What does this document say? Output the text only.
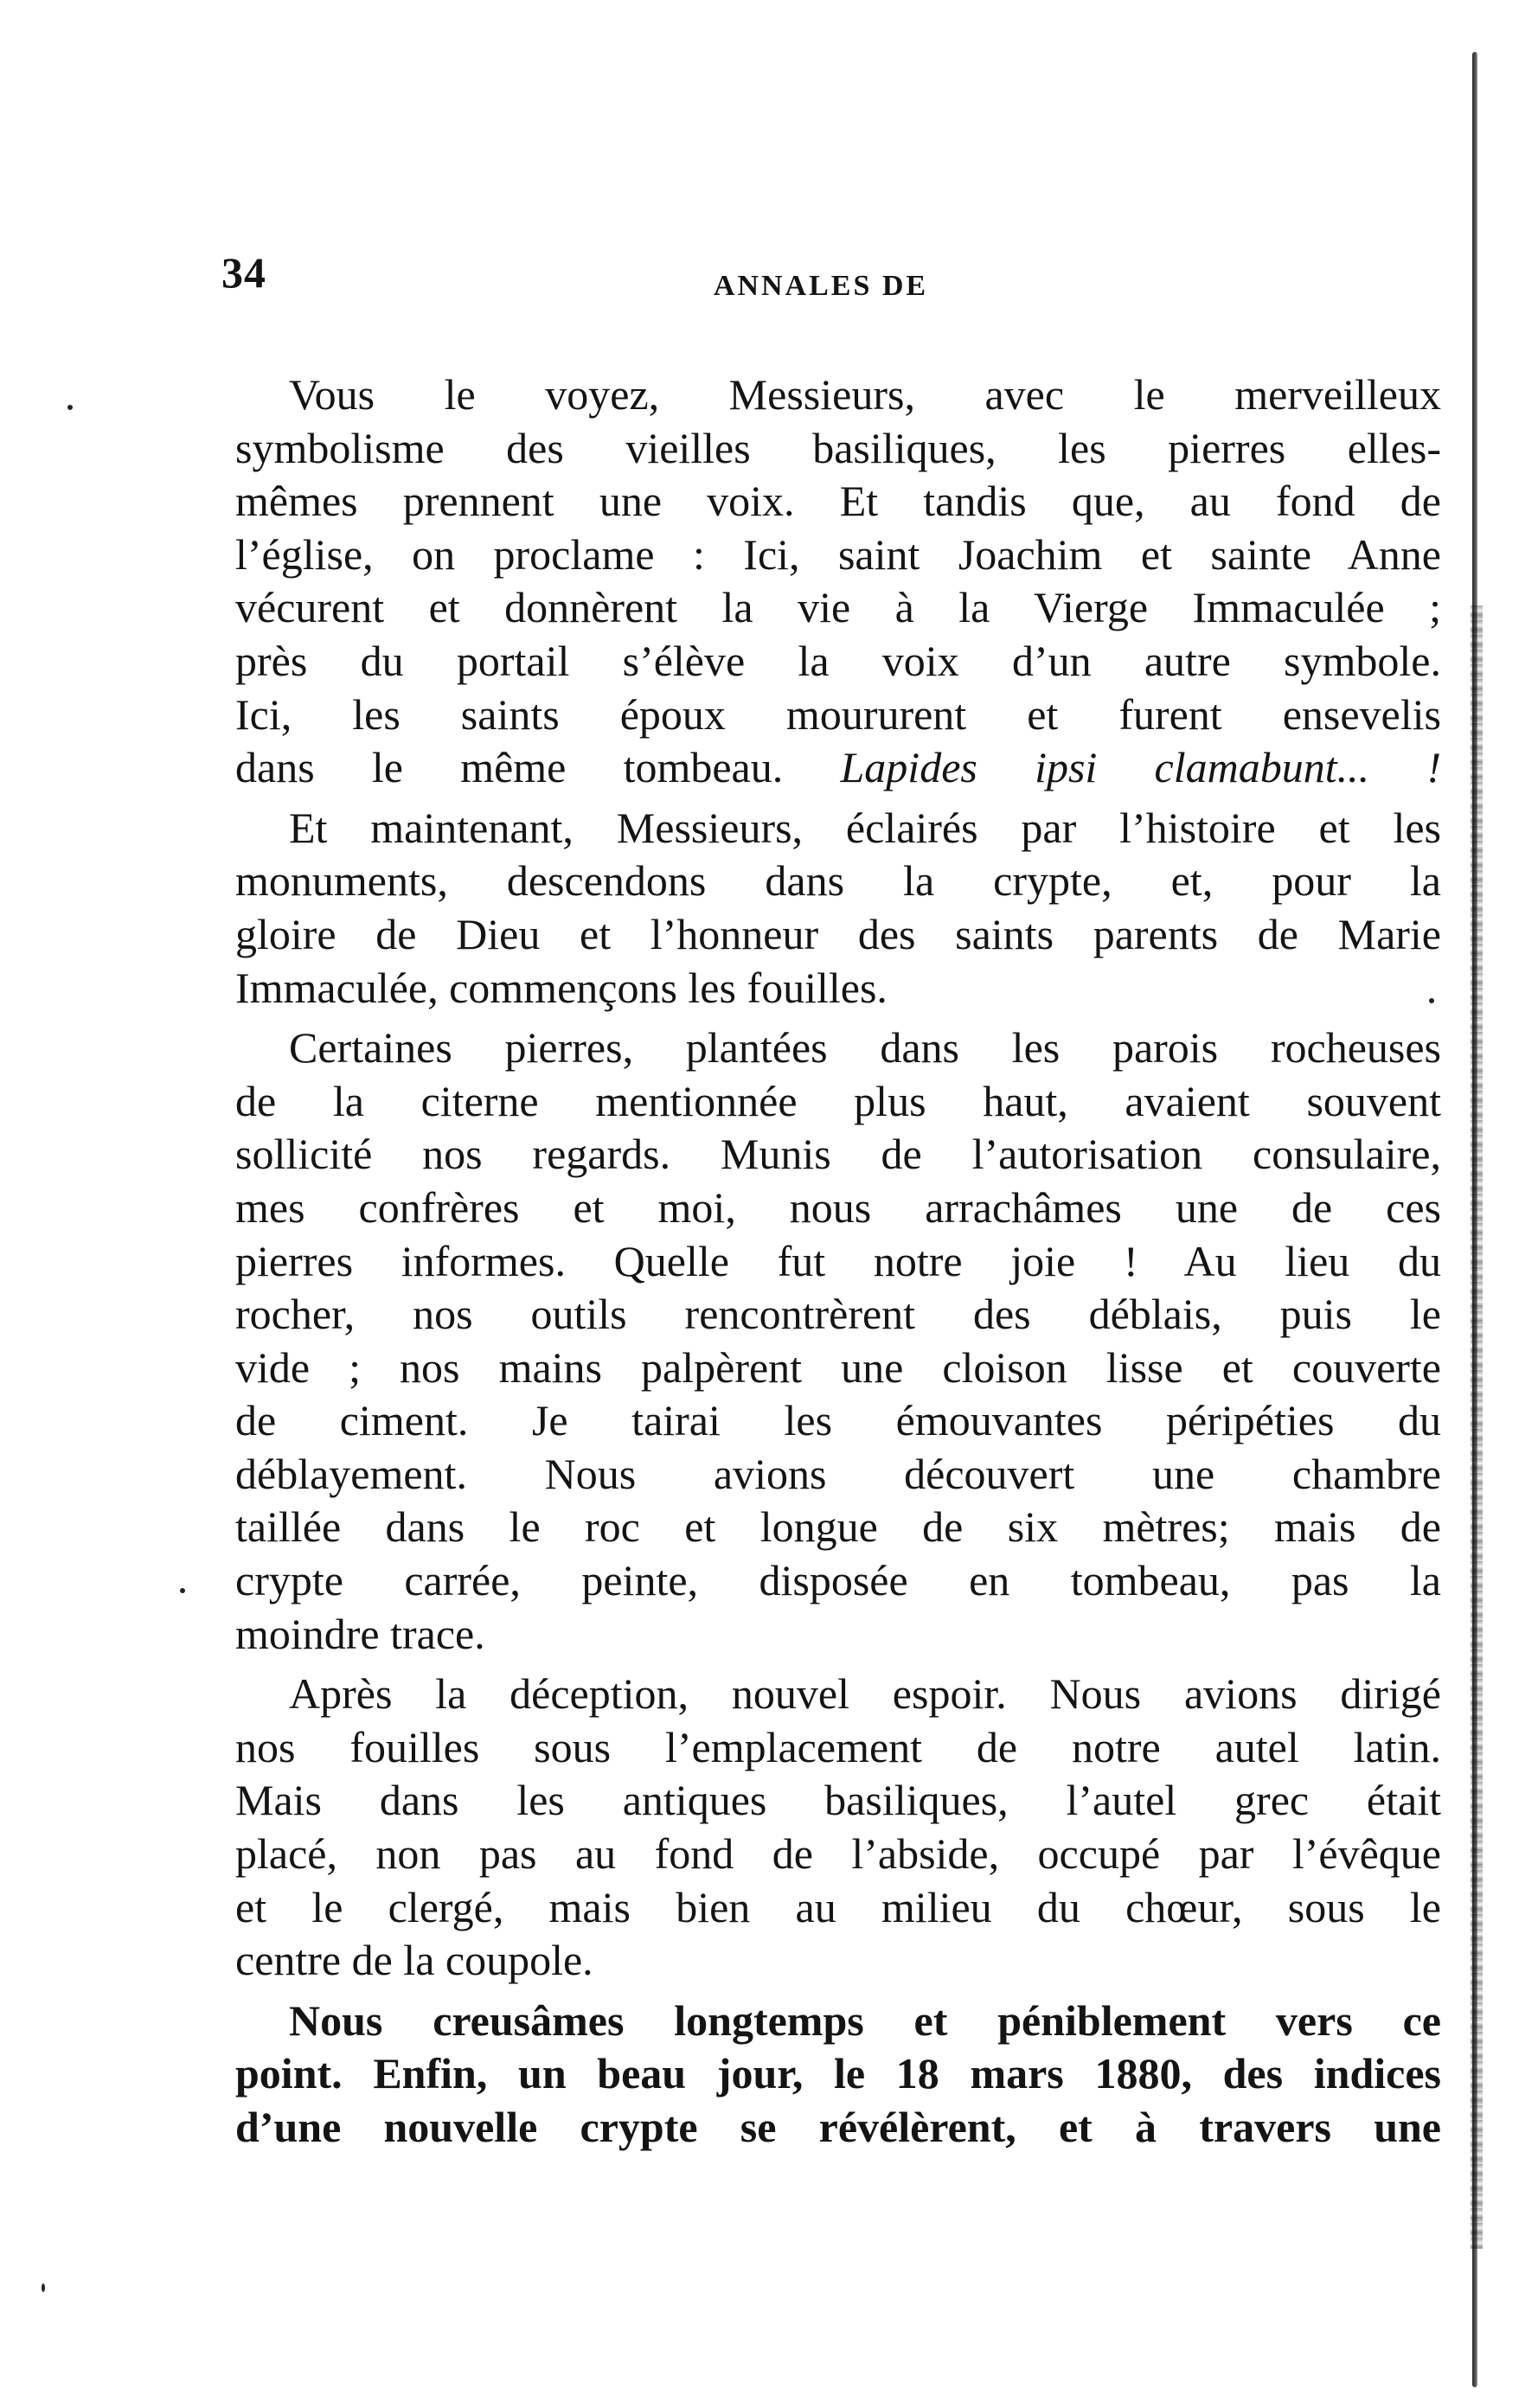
34	ANNALES DE
Vous le voyez, Messieurs, avec le merveilleux
symbolisme des vieilles basiliques, les pierres elles-
mêmes prennent une voix. Et tandis que, au fond de
l’église, on proclame : Ici, saint Joachim et sainte Anne
vécurent et donnèrent la vie à la Vierge Immaculée ;
près du portail s’élève la voix d’un autre symbole.
Ici, les saints époux moururent et furent ensevelis
dans le même tombeau. Lapides ipsi clamabunt... !
Et maintenant, Messieurs, éclairés par l’histoire et les
monuments, descendons dans la crypte, et, pour la
gloire de Dieu et l’honneur des saints parents de Marie
Immaculée, commençons les fouilles.
Certaines pierres, plantées dans les parois rocheuses
de la citerne mentionnée plus haut, avaient souvent
sollicité nos regards. Munis de l’autorisation consulaire,
mes confrères et moi, nous arrachâmes une de ces
pierres informes. Quelle fut notre joie ! Au lieu du
rocher, nos outils rencontrèrent des déblais, puis le
vide ; nos mains palpèrent une cloison lisse et couverte
de ciment. Je tairai les émouvantes péripéties du
déblayement. Nous avions découvert une chambre
taillée dans le roc et longue de six mètres; mais de
crypte carrée, peinte, disposée en tombeau, pas la
moindre trace.
Après la déception, nouvel espoir. Nous avions dirigé
nos fouilles sous l’emplacement de notre autel latin.
Mais dans les antiques basiliques, l’autel grec était
placé, non pas au fond de l’abside, occupé par l’évêque
et le clergé, mais bien au milieu du chœur, sous le
centre de la coupole.
Nous creusâmes longtemps et péniblement vers ce
point. Enfin, un beau jour, le 18 mars 1880, des indices
d’une nouvelle crypte se révélèrent, et à travers une
